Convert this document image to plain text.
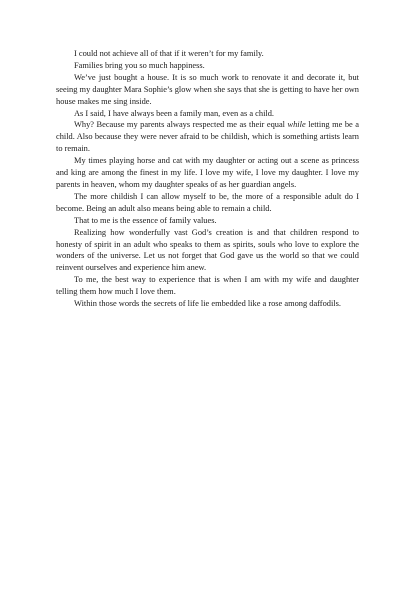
I could not achieve all of that if it weren’t for my family.

Families bring you so much happiness.

We’ve just bought a house. It is so much work to renovate it and decorate it, but seeing my daughter Mara Sophie’s glow when she says that she is getting to have her own house makes me sing inside.

As I said, I have always been a family man, even as a child.

Why? Because my parents always respected me as their equal while letting me be a child. Also because they were never afraid to be childish, which is something artists learn to remain.

My times playing horse and cat with my daughter or acting out a scene as princess and king are among the finest in my life. I love my wife, I love my daughter. I love my parents in heaven, whom my daughter speaks of as her guardian angels.

The more childish I can allow myself to be, the more of a responsible adult do I become. Being an adult also means being able to remain a child.

That to me is the essence of family values.

Realizing how wonderfully vast God’s creation is and that children respond to honesty of spirit in an adult who speaks to them as spirits, souls who love to explore the wonders of the universe. Let us not forget that God gave us the world so that we could reinvent ourselves and experience him anew.

To me, the best way to experience that is when I am with my wife and daughter telling them how much I love them.

Within those words the secrets of life lie embedded like a rose among daffodils.
